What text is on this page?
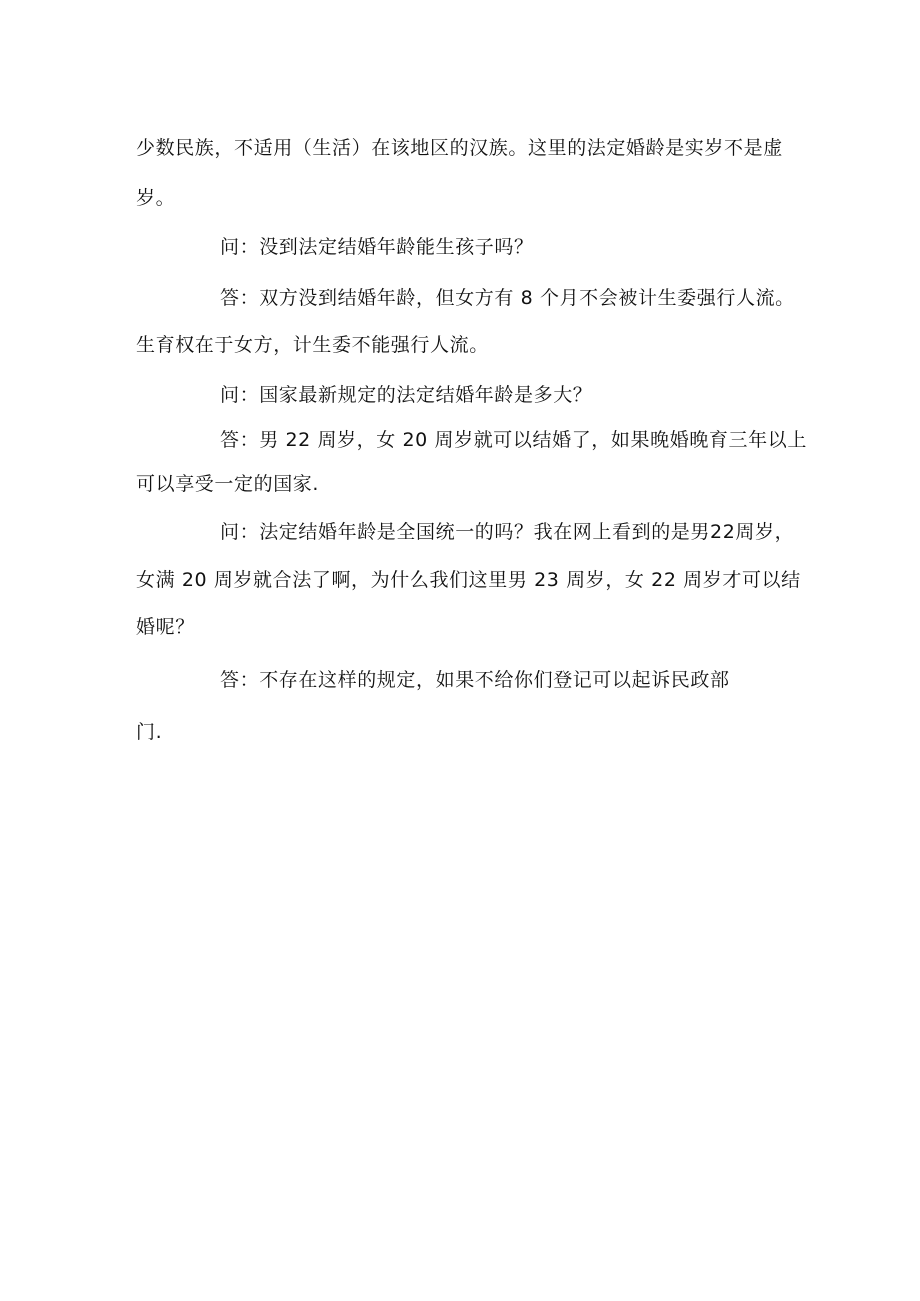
少数民族，不适用（生活）在该地区的汉族。这里的法定婚龄是实岁不是虚
岁。
问：没到法定结婚年龄能生孩子吗？
答：双方没到结婚年龄，但女方有 8 个月不会被计生委强行人流。
生育权在于女方，计生委不能强行人流。
问：国家最新规定的法定结婚年龄是多大？
答：男 22 周岁，女 20 周岁就可以结婚了，如果晚婚晚育三年以上
可以享受一定的国家.
问：法定结婚年龄是全国统一的吗？我在网上看到的是男22周岁，
女满 20 周岁就合法了啊，为什么我们这里男 23 周岁，女 22 周岁才可以结
婚呢？
答：不存在这样的规定，如果不给你们登记可以起诉民政部
门.
